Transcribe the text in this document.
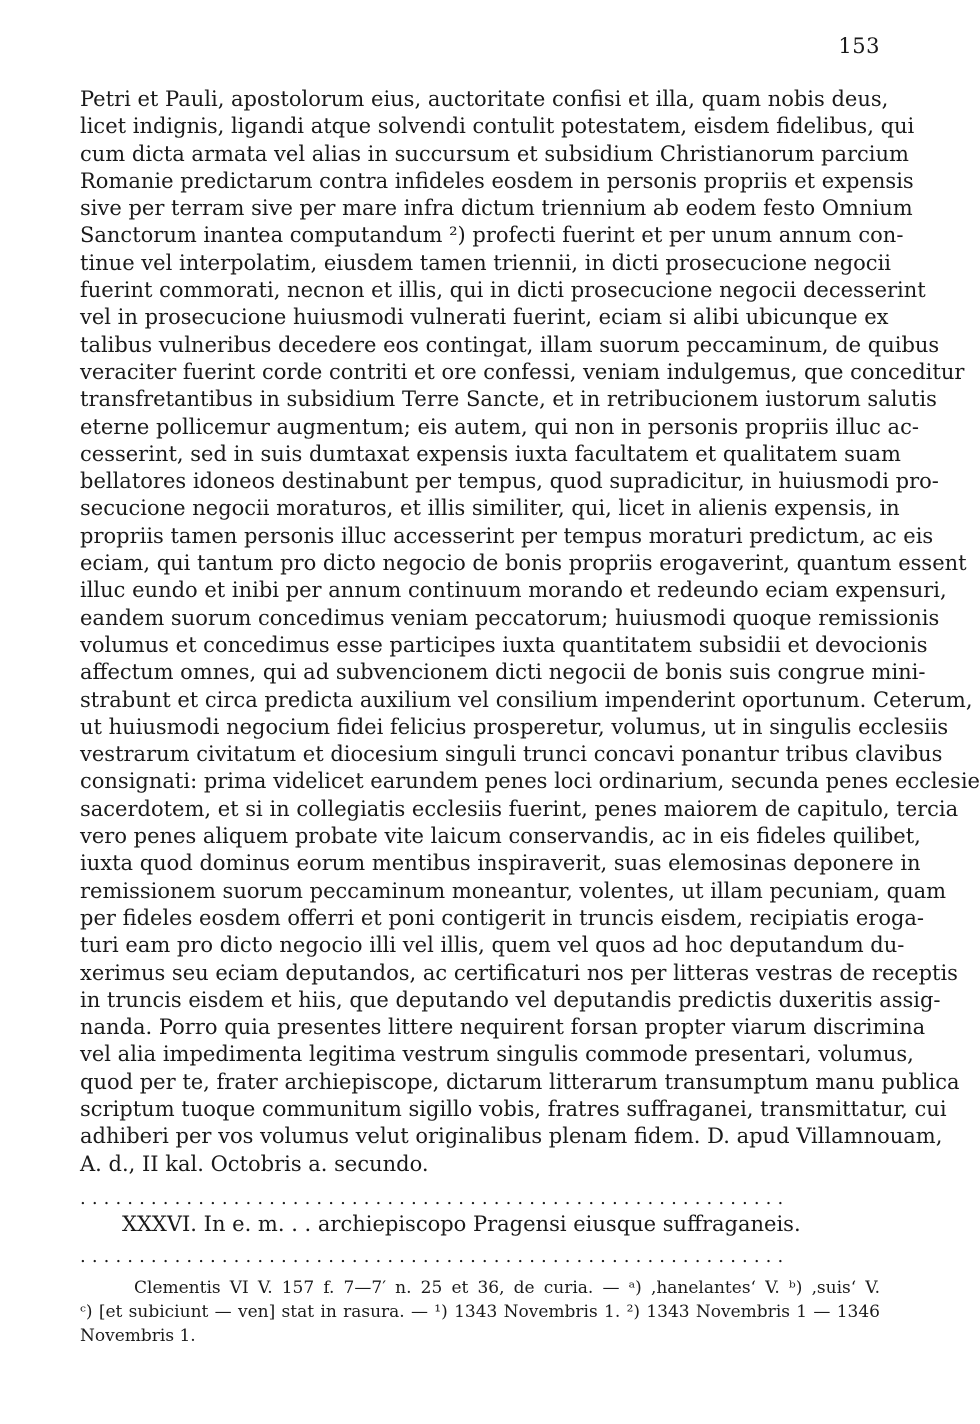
153
Petri et Pauli, apostolorum eius, auctoritate confisi et illa, quam nobis deus,
licet indignis, ligandi atque solvendi contulit potestatem, eisdem fidelibus, qui
cum dicta armata vel alias in succursum et subsidium Christianorum parcium
Romanie predictarum contra infideles eosdem in personis propriis et expensis
sive per terram sive per mare infra dictum triennium ab eodem festo Omnium
Sanctorum inantea computandum ²) profecti fuerint et per unum annum con-
tinue vel interpolatim, eiusdem tamen triennii, in dicti prosecucione negocii
fuerint commorati, necnon et illis, qui in dicti prosecucione negocii decesserint
vel in prosecucione huiusmodi vulnerati fuerint, eciam si alibi ubicunque ex
talibus vulneribus decedere eos contingat, illam suorum peccaminum, de quibus
veraciter fuerint corde contriti et ore confessi, veniam indulgemus, que conceditur
transfretantibus in subsidium Terre Sancte, et in retribucionem iustorum salutis
eterne pollicemur augmentum; eis autem, qui non in personis propriis illuc ac-
cesserint, sed in suis dumtaxat expensis iuxta facultatem et qualitatem suam
bellatores idoneos destinabunt per tempus, quod supradicitur, in huiusmodi pro-
secucione negocii moraturos, et illis similiter, qui, licet in alienis expensis, in
propriis tamen personis illuc accesserint per tempus moraturi predictum, ac eis
eciam, qui tantum pro dicto negocio de bonis propriis erogaverint, quantum essent
illuc eundo et inibi per annum continuum morando et redeundo eciam expensuri,
eandem suorum concedimus veniam peccatorum; huiusmodi quoque remissionis
volumus et concedimus esse participes iuxta quantitatem subsidii et devocionis
affectum omnes, qui ad subvencionem dicti negocii de bonis suis congrue mini-
strabunt et circa predicta auxilium vel consilium impenderint oportunum. Ceterum,
ut huiusmodi negocium fidei felicius prosperetur, volumus, ut in singulis ecclesiis
vestrarum civitatum et diocesium singuli trunci concavi ponantur tribus clavibus
consignati: prima videlicet earundem penes loci ordinarium, secunda penes ecclesie
sacerdotem, et si in collegiatis ecclesiis fuerint, penes maiorem de capitulo, tercia
vero penes aliquem probate vite laicum conservandis, ac in eis fideles quilibet,
iuxta quod dominus eorum mentibus inspiraverit, suas elemosinas deponere in
remissionem suorum peccaminum moneantur, volentes, ut illam pecuniam, quam
per fideles eosdem offerri et poni contigerit in truncis eisdem, recipiatis eroga-
turi eam pro dicto negocio illi vel illis, quem vel quos ad hoc deputandum du-
xerimus seu eciam deputandos, ac certificaturi nos per litteras vestras de receptis
in truncis eisdem et hiis, que deputando vel deputandis predictis duxeritis assig-
nanda. Porro quia presentes littere nequirent forsan propter viarum discrimina
vel alia impedimenta legitima vestrum singulis commode presentari, volumus,
quod per te, frater archiepiscope, dictarum litterarum transumptum manu publica
scriptum tuoque communitum sigillo vobis, fratres suffraganei, transmittatur, cui
adhiberi per vos volumus velut originalibus plenam fidem. D. apud Villamnouam,
A. d., II kal. Octobris a. secundo.
............................................................
XXXVI. In e. m. . . archiepiscopo Pragensi eiusque suffraganeis.
............................................................
Clementis VI V. 157 f. 7—7′ n. 25 et 36, de curia. — ᵃ) ‚hanelantes‘ V. ᵇ) ‚suis‘ V.
ᶜ) [et subiciunt — ven] stat in rasura. — ¹) 1343 Novembris 1. ²) 1343 Novembris 1 — 1346
Novembris 1.
